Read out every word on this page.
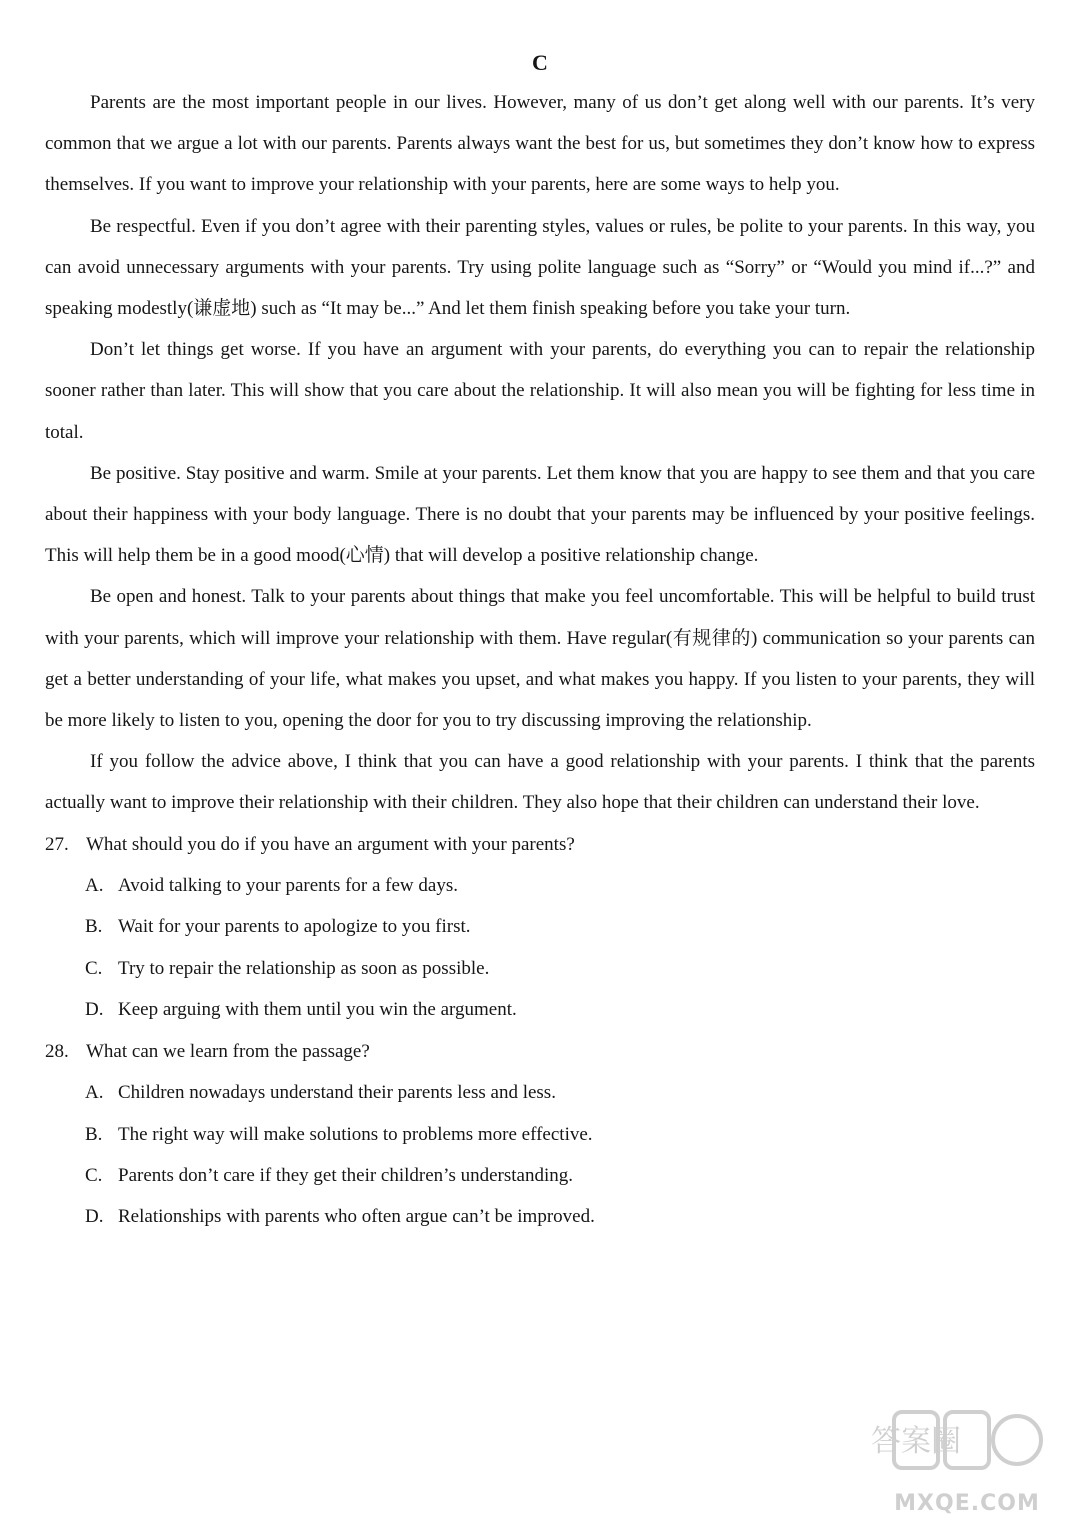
C

Parents are the most important people in our lives. However, many of us don’t get along well with our parents. It’s very common that we argue a lot with our parents. Parents always want the best for us, but sometimes they don’t know how to express themselves. If you want to improve your relationship with your parents, here are some ways to help you.

Be respectful. Even if you don’t agree with their parenting styles, values or rules, be polite to your parents. In this way, you can avoid unnecessary arguments with your parents. Try using polite language such as “Sorry” or “Would you mind if...?” and speaking modestly(谦虚地) such as “It may be...” And let them finish speaking before you take your turn.

Don’t let things get worse. If you have an argument with your parents, do everything you can to repair the relationship sooner rather than later. This will show that you care about the relationship. It will also mean you will be fighting for less time in total.

Be positive. Stay positive and warm. Smile at your parents. Let them know that you are happy to see them and that you care about their happiness with your body language. There is no doubt that your parents may be influenced by your positive feelings. This will help them be in a good mood(心情) that will develop a positive relationship change.

Be open and honest. Talk to your parents about things that make you feel uncomfortable. This will be helpful to build trust with your parents, which will improve your relationship with them. Have regular(有规律的) communication so your parents can get a better understanding of your life, what makes you upset, and what makes you happy. If you listen to your parents, they will be more likely to listen to you, opening the door for you to try discussing improving the relationship.

If you follow the advice above, I think that you can have a good relationship with your parents. I think that the parents actually want to improve their relationship with their children. They also hope that their children can understand their love.

27. What should you do if you have an argument with your parents?

A. Avoid talking to your parents for a few days.
B. Wait for your parents to apologize to you first.
C. Try to repair the relationship as soon as possible.
D. Keep arguing with them until you win the argument.

28. What can we learn from the passage?

A. Children nowadays understand their parents less and less.
B. The right way will make solutions to problems more effective.
C. Parents don’t care if they get their children’s understanding.
D. Relationships with parents who often argue can’t be improved.
答案圈
MXQE.COM
